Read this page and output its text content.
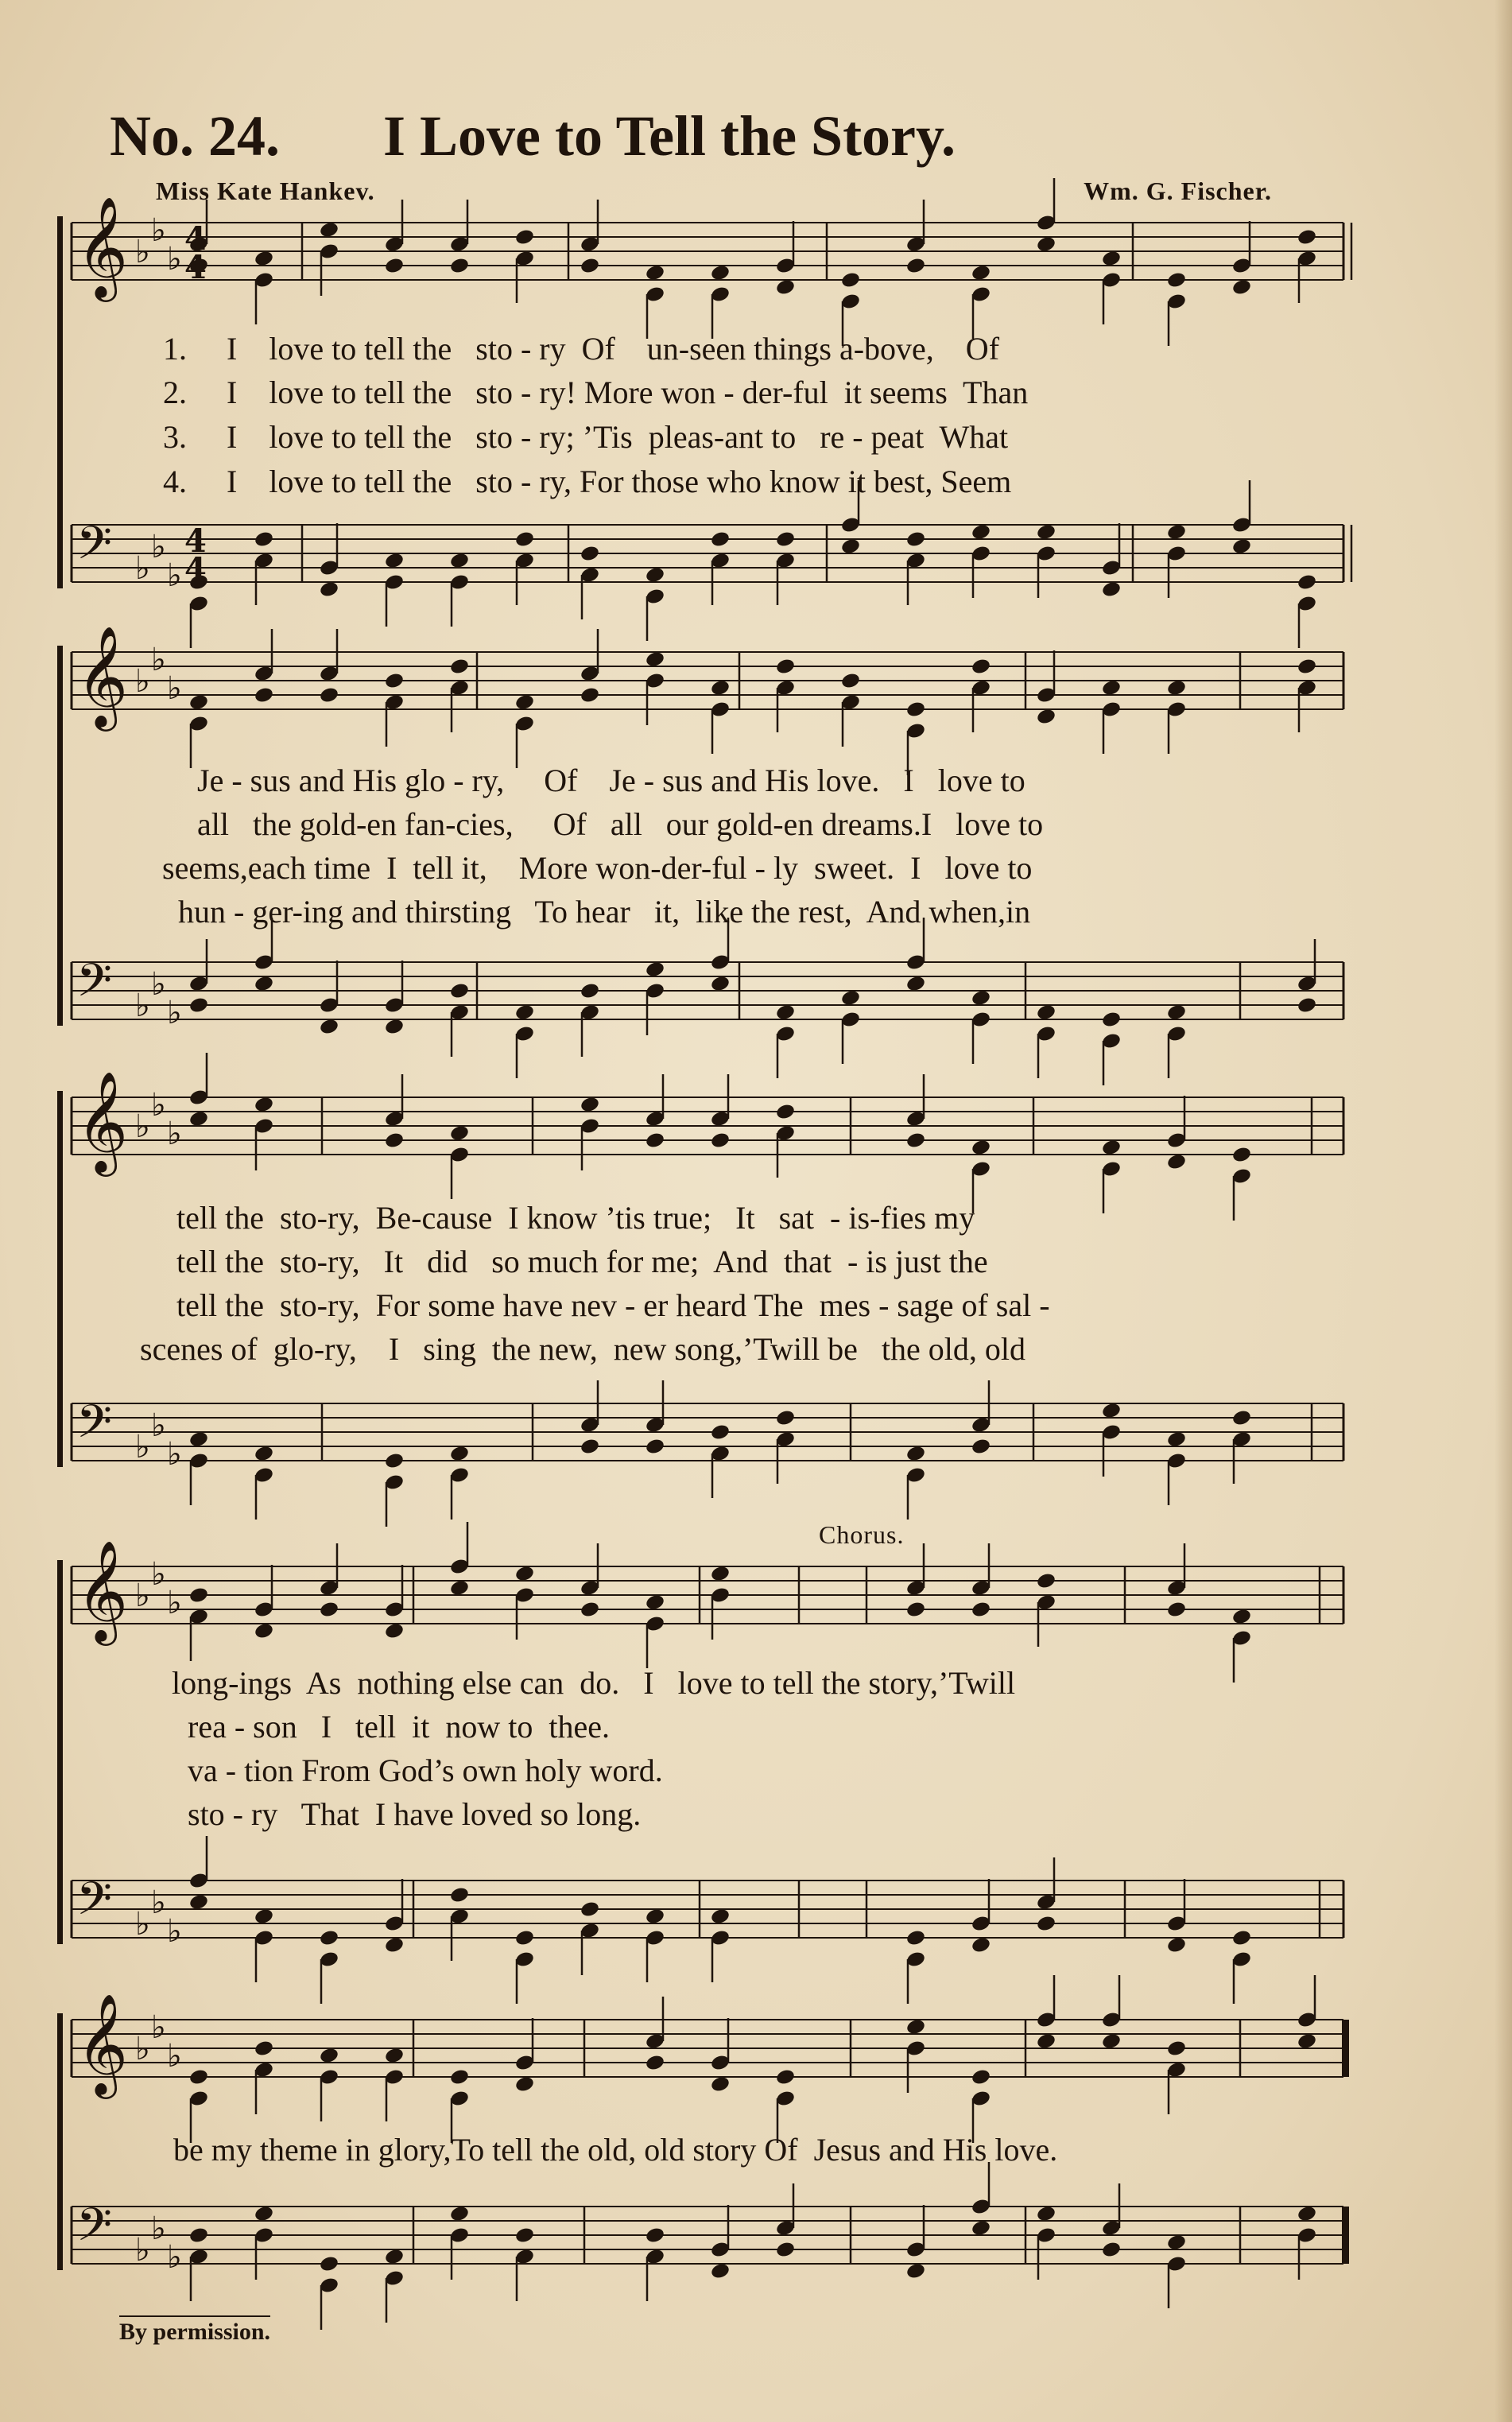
No. 24. I Love to Tell the Story.
Miss Kate Hankev.	Wm. G. Fischer.
𝄞 ♭
♭
♭
𝄢 ♭
♭
♭
4
4
4
4
𝄞 ♭
♭
♭
𝄢 ♭
♭
♭
𝄞 ♭
♭
♭
𝄢 ♭
♭
♭
𝄞 ♭
♭
♭
𝄢 ♭
♭
♭
𝄞 ♭
♭
♭
𝄢 ♭
♭
♭
1.
2.
3.
4.
I    love to tell the   sto - ry  Of    un-seen things a-bove,    Of
I    love to tell the   sto - ry! More won - der-ful  it seems  Than
I    love to tell the   sto - ry; ’Tis  pleas-ant to   re - peat  What
I    love to tell the   sto - ry, For those who know it best, Seem
Je - sus and His glo - ry,     Of    Je - sus and His love.   I   love to
all   the gold-en fan-cies,     Of   all   our gold-en dreams.I   love to
seems,each time  I  tell it,    More won-der-ful - ly  sweet.  I   love to
hun - ger-ing and thirsting   To hear   it,  like the rest,  And when,in
tell the  sto-ry,  Be-cause  I know ’tis true;   It   sat  - is-fies my
tell the  sto-ry,   It   did   so much for me;  And  that  - is just the
tell the  sto-ry,  For some have nev - er heard The  mes - sage of sal -
scenes of  glo-ry,    I   sing  the new,  new song,’Twill be   the old, old
Chorus.
long-ings  As  nothing else can  do.   I   love to tell the story,’Twill
rea - son   I   tell  it  now to  thee.
va - tion From God’s own holy word.
sto - ry   That  I have loved so long.
be my theme in glory,To tell the old, old story Of  Jesus and His love.
By permission.
